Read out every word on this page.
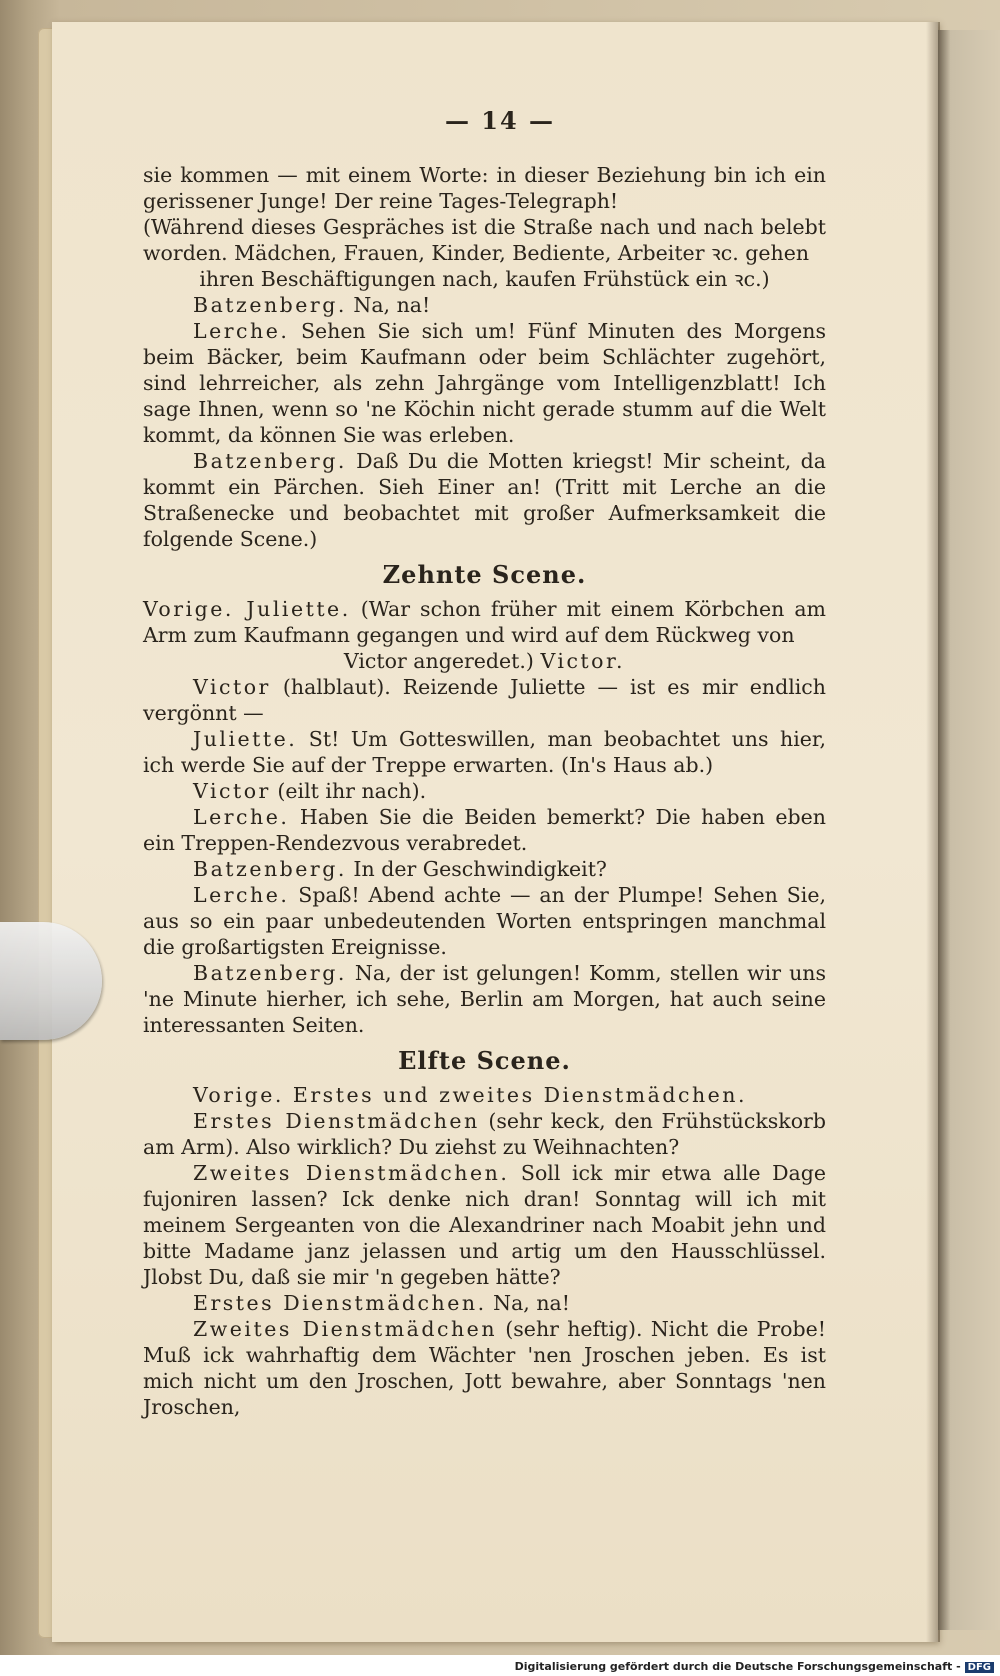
— 14 —

sie kommen — mit einem Worte: in dieser Beziehung bin ich ein gerissener Junge! Der reine Tages-Telegraph!

(Während dieses Gespräches ist die Straße nach und nach belebt worden. Mädchen, Frauen, Kinder, Bediente, Arbeiter ꝛc. gehen

ihren Beschäftigungen nach, kaufen Frühstück ein ꝛc.)

Batzenberg. Na, na!

Lerche. Sehen Sie sich um! Fünf Minuten des Morgens beim Bäcker, beim Kaufmann oder beim Schlächter zugehört, sind lehrreicher, als zehn Jahrgänge vom Intelligenzblatt! Ich sage Ihnen, wenn so 'ne Köchin nicht gerade stumm auf die Welt kommt, da können Sie was erleben.

Batzenberg. Daß Du die Motten kriegst! Mir scheint, da kommt ein Pärchen. Sieh Einer an! (Tritt mit Lerche an die Straßenecke und beobachtet mit großer Aufmerksamkeit die folgende Scene.)

Zehnte Scene.

Vorige. Juliette. (War schon früher mit einem Körbchen am Arm zum Kaufmann gegangen und wird auf dem Rückweg von

Victor angeredet.) Victor.

Victor (halblaut). Reizende Juliette — ist es mir endlich vergönnt —

Juliette. St! Um Gotteswillen, man beobachtet uns hier, ich werde Sie auf der Treppe erwarten. (In's Haus ab.)

Victor (eilt ihr nach).

Lerche. Haben Sie die Beiden bemerkt? Die haben eben ein Treppen-Rendezvous verabredet.

Batzenberg. In der Geschwindigkeit?

Lerche. Spaß! Abend achte — an der Plumpe! Sehen Sie, aus so ein paar unbedeutenden Worten entspringen manchmal die großartigsten Ereignisse.

Batzenberg. Na, der ist gelungen! Komm, stellen wir uns 'ne Minute hierher, ich sehe, Berlin am Morgen, hat auch seine interessanten Seiten.

Elfte Scene.

Vorige. Erstes und zweites Dienstmädchen.

Erstes Dienstmädchen (sehr keck, den Frühstückskorb am Arm). Also wirklich? Du ziehst zu Weihnachten?

Zweites Dienstmädchen. Soll ick mir etwa alle Dage fujoniren lassen? Ick denke nich dran! Sonntag will ich mit meinem Sergeanten von die Alexandriner nach Moabit jehn und bitte Madame janz jelassen und artig um den Hausschlüssel. Jlobst Du, daß sie mir 'n gegeben hätte?

Erstes Dienstmädchen. Na, na!

Zweites Dienstmädchen (sehr heftig). Nicht die Probe! Muß ick wahrhaftig dem Wächter 'nen Jroschen jeben. Es ist mich nicht um den Jroschen, Jott bewahre, aber Sonntags 'nen Jroschen,

Digitalisierung gefördert durch die Deutsche Forschungsgemeinschaft - DFG
